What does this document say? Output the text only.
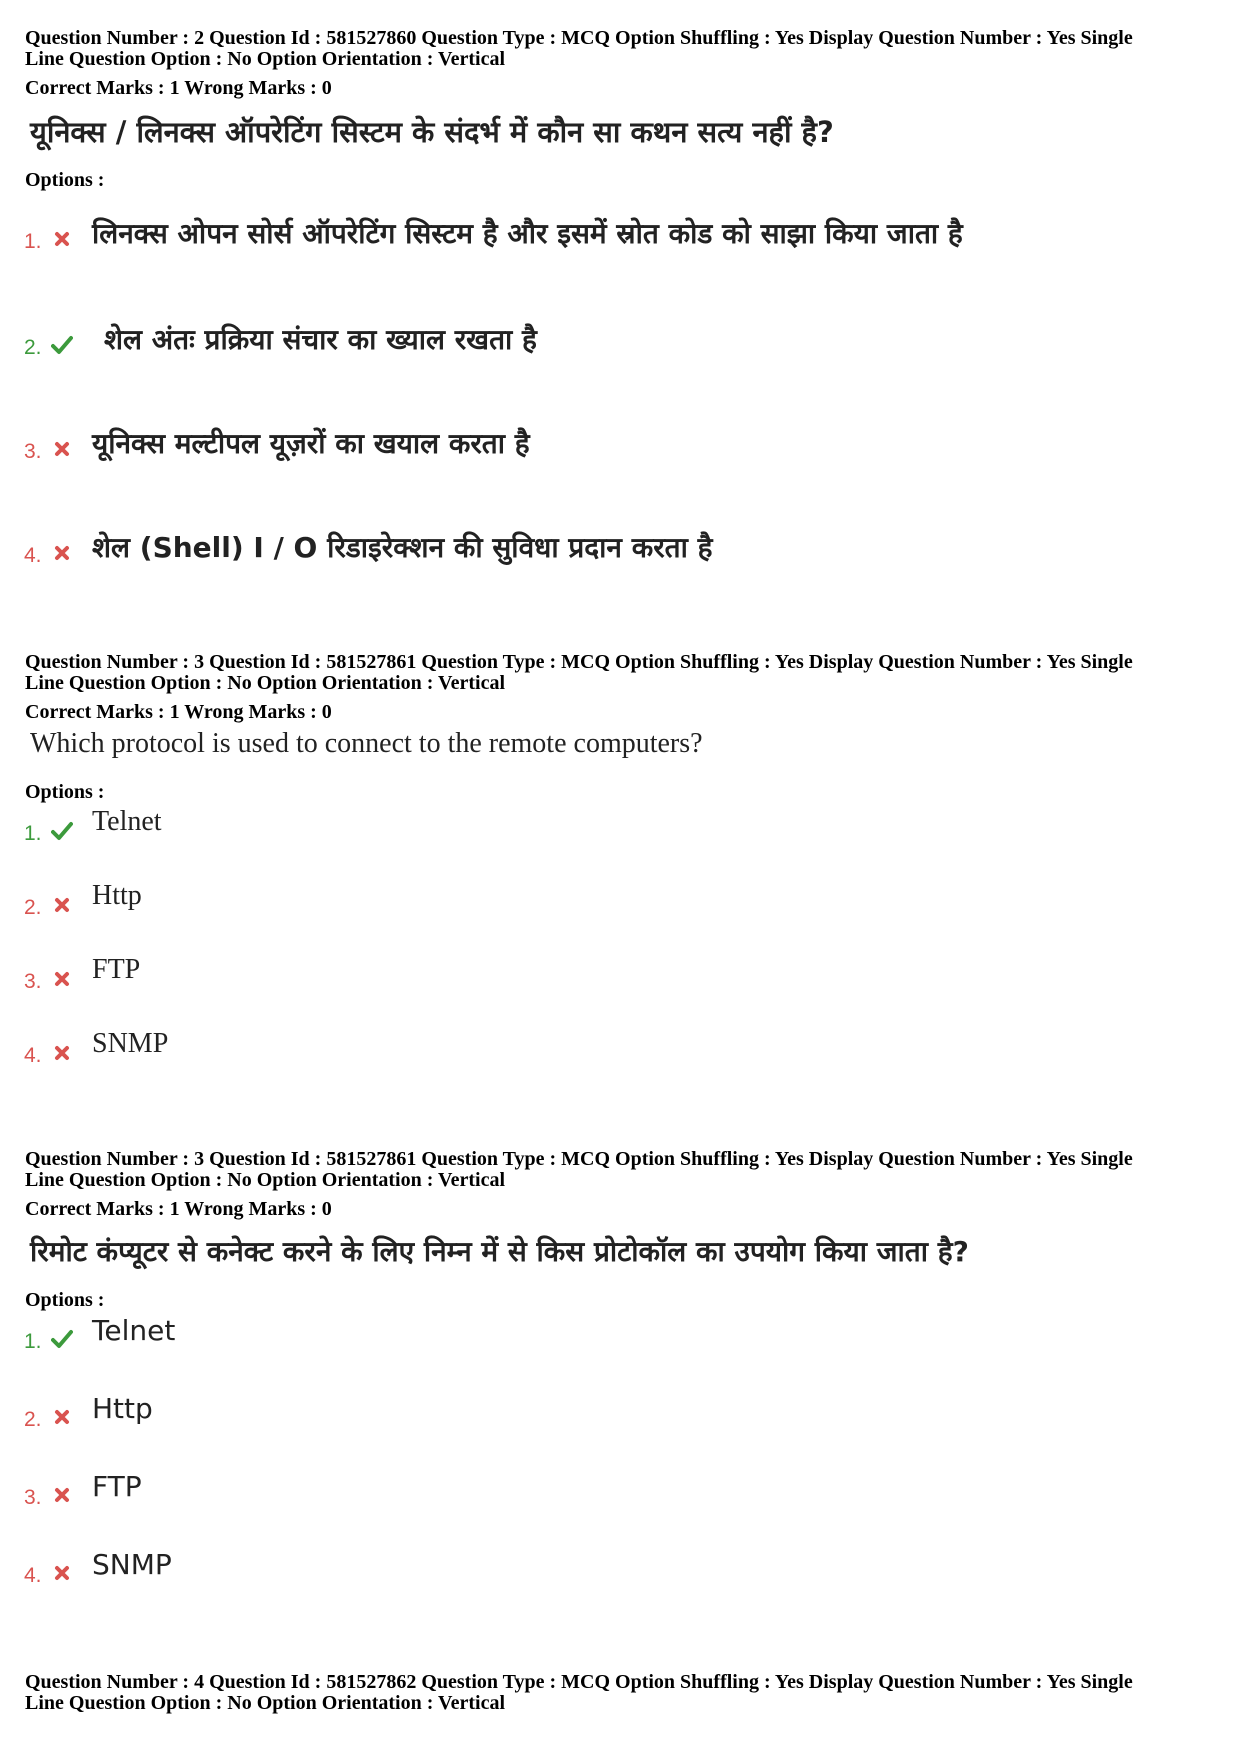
Question Number : 2 Question Id : 581527860 Question Type : MCQ Option Shuffling : Yes Display Question Number : Yes Single
Line Question Option : No Option Orientation : Vertical

Correct Marks : 1 Wrong Marks : 0

यूनिक्स / लिनक्स ऑपरेटिंग सिस्टम के संदर्भ में कौन सा कथन सत्य नहीं है?

Options :

1. लिनक्स ओपन सोर्स ऑपरेटिंग सिस्टम है और इसमें स्रोत कोड को साझा किया जाता है
2. शेल अंतः प्रक्रिया संचार का ख्याल रखता है
3. यूनिक्स मल्टीपल यूज़रों का खयाल करता है
4. शेल (Shell) I / O रिडाइरेक्शन की सुविधा प्रदान करता है

Question Number : 3 Question Id : 581527861 Question Type : MCQ Option Shuffling : Yes Display Question Number : Yes Single
Line Question Option : No Option Orientation : Vertical

Correct Marks : 1 Wrong Marks : 0

Which protocol is used to connect to the remote computers?

Options :

1. Telnet
2. Http
3. FTP
4. SNMP

Question Number : 3 Question Id : 581527861 Question Type : MCQ Option Shuffling : Yes Display Question Number : Yes Single
Line Question Option : No Option Orientation : Vertical

Correct Marks : 1 Wrong Marks : 0

रिमोट कंप्यूटर से कनेक्ट करने के लिए निम्न में से किस प्रोटोकॉल का उपयोग किया जाता है?

Options :

1. Telnet
2. Http
3. FTP
4. SNMP

Question Number : 4 Question Id : 581527862 Question Type : MCQ Option Shuffling : Yes Display Question Number : Yes Single
Line Question Option : No Option Orientation : Vertical
